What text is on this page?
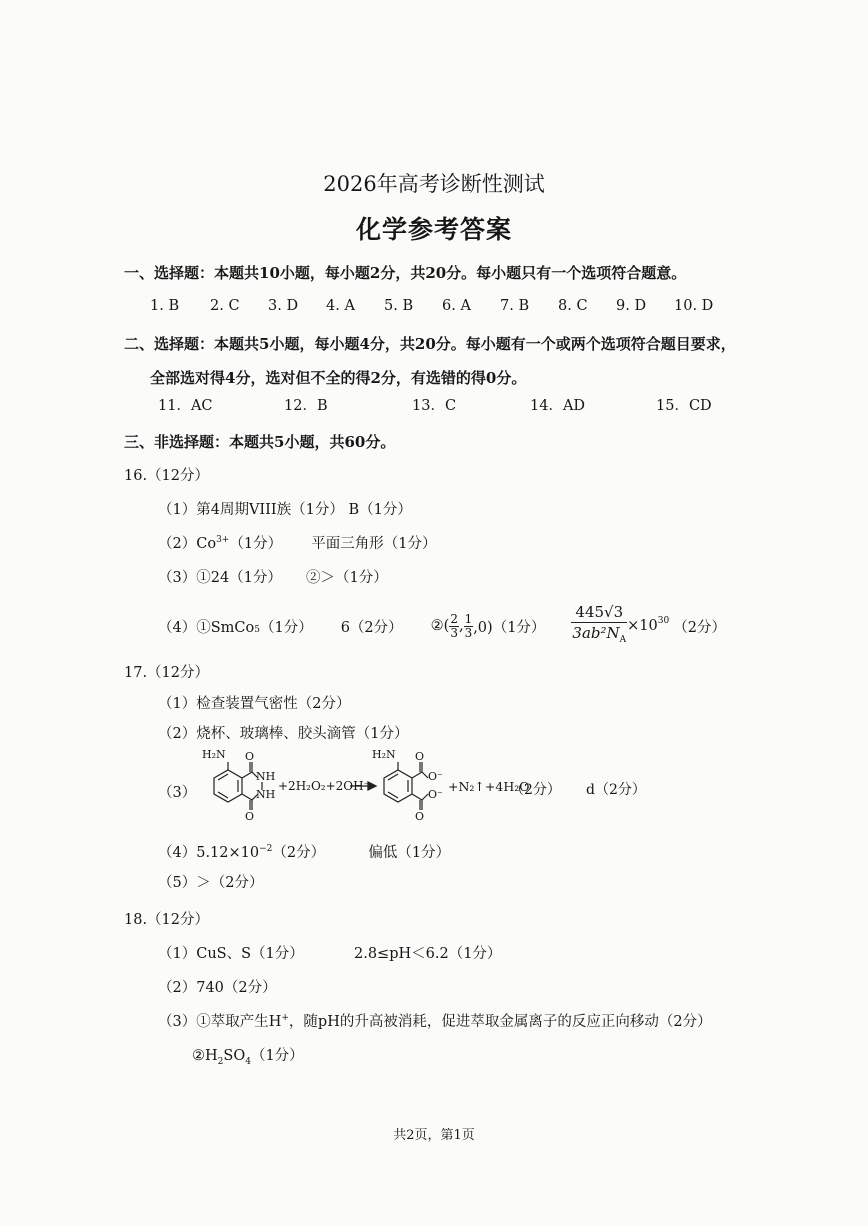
2026年高考诊断性测试
化学参考答案
一、选择题：本题共10小题，每小题2分，共20分。每小题只有一个选项符合题意。
1. B 2. C 3. D 4. A 5. B 6. A 7. B 8. C 9. D 10. D
二、选择题：本题共5小题，每小题4分，共20分。每小题有一个或两个选项符合题目要求，
全部选对得4分，选对但不全的得2分，有选错的得0分。
11．AC	12．B	13．C	14．AD	15．CD
三、非选择题：本题共5小题，共60分。
16.（12分）
（1）第4周期VIII族（1分） B（1分）
$(2)Co^{3+}(1$分） 平面三角形（1分）
（3）①24（1分） ②＞（1分）
（4）①SmCo$_5$ （1分） 6（2分） ②( $\frac{2}{3}$ , $\frac{1}{3} ,0)(1$分） $\frac{445√3}{3ab^2N_A} \times 10^{30}$ （2分）
17.（12分）
（1）检查装置气密性（2分）
（2）烧杯、玻璃棒、胶头滴管（1分）
（3）
H₂N O
O
NH
NH
+2H₂O₂+2OH⁻
H₂N O
O
O⁻
O⁻
+N₂↑+4H₂O
（2分） d（2分）
$(4)5.12\times 10^{-2}(2$分）	偏低（1分）
（5）＞（2分）
18.（12分）
（1）CuS、S（1分）	2.8≤pH＜6.2（1分）
（2）740（2分）
（3）①萃取产生H+，随pH的升高被消耗，促进萃取金属离子的反应正向移动（2分）
$②H_2SO_4(1$分）
共2页，第1页
